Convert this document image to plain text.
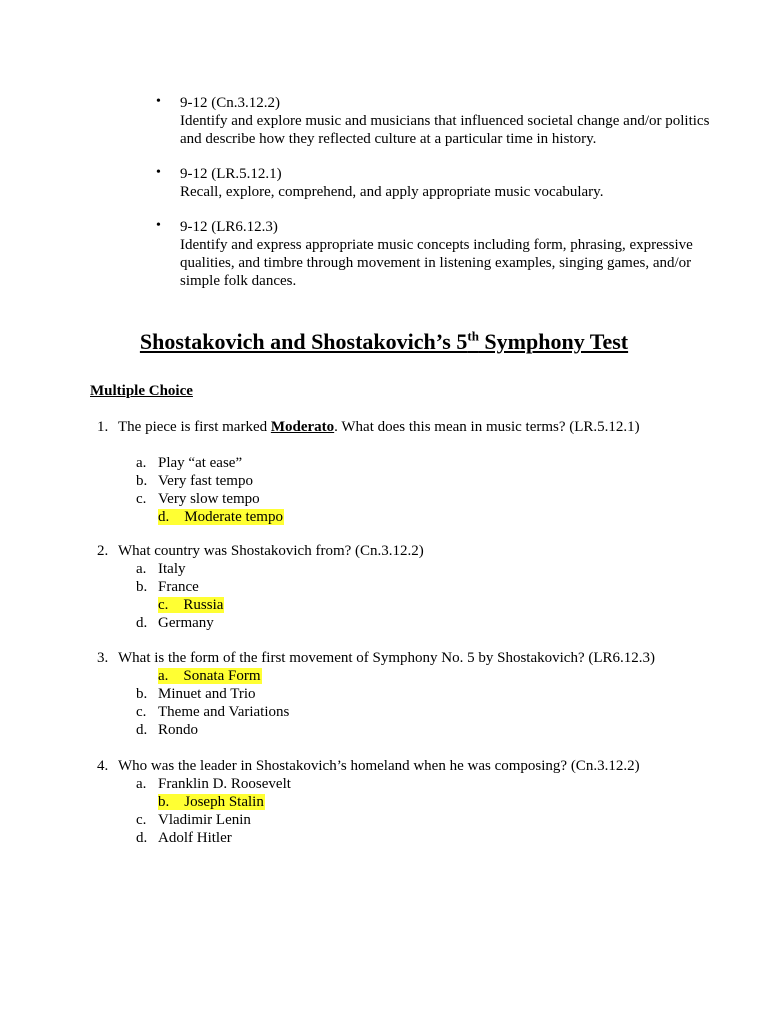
• 9-12 (Cn.3.12.2)
Identify and explore music and musicians that influenced societal change and/or politics and describe how they reflected culture at a particular time in history.
• 9-12 (LR.5.12.1)
Recall, explore, comprehend, and apply appropriate music vocabulary.
• 9-12 (LR6.12.3)
Identify and express appropriate music concepts including form, phrasing, expressive qualities, and timbre through movement in listening examples, singing games, and/or simple folk dances.
Shostakovich and Shostakovich’s 5th Symphony Test
Multiple Choice
1. The piece is first marked Moderato. What does this mean in music terms? (LR.5.12.1)
a. Play “at ease”
b. Very fast tempo
c. Very slow tempo
d. Moderate tempo
2. What country was Shostakovich from? (Cn.3.12.2)
a. Italy
b. France
c. Russia
d. Germany
3. What is the form of the first movement of Symphony No. 5 by Shostakovich? (LR6.12.3)
a. Sonata Form
b. Minuet and Trio
c. Theme and Variations
d. Rondo
4. Who was the leader in Shostakovich’s homeland when he was composing? (Cn.3.12.2)
a. Franklin D. Roosevelt
b. Joseph Stalin
c. Vladimir Lenin
d. Adolf Hitler
